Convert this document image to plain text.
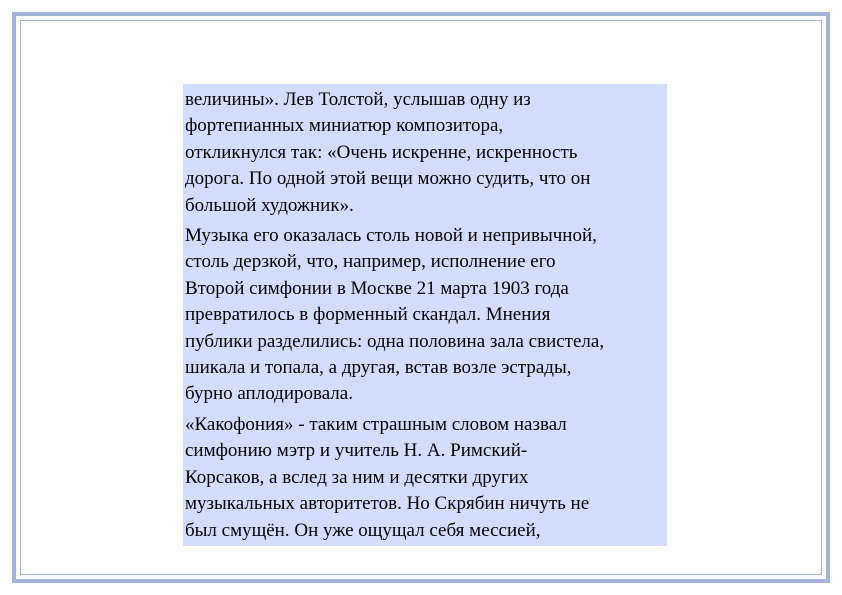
величины». Лев Толстой, услышав одну из
фортепианных миниатюр композитора,
откликнулся так: «Очень искренне, искренность
дорога. По одной этой вещи можно судить, что он
большой художник».

Музыка его оказалась столь новой и непривычной,
столь дерзкой, что, например, исполнение его
Второй симфонии в Москве 21 марта 1903 года
превратилось в форменный скандал. Мнения
публики разделились: одна половина зала свистела,
шикала и топала, а другая, встав возле эстрады,
бурно аплодировала.

«Какофония» - таким страшным словом назвал
симфонию мэтр и учитель Н. А. Римский-
Корсаков, а вслед за ним и десятки других
музыкальных авторитетов. Но Скрябин ничуть не
был смущён. Он уже ощущал себя мессией,
